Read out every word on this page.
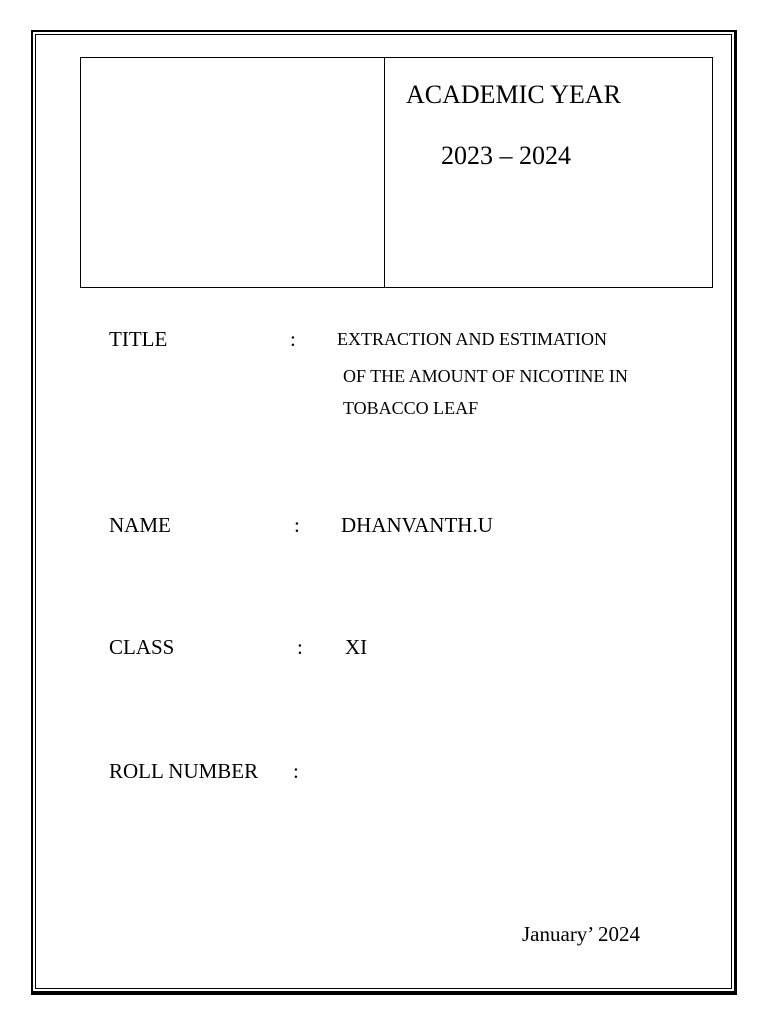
ACADEMIC YEAR
2023 – 2024
TITLE	: EXTRACTION AND ESTIMATION
OF THE AMOUNT OF NICOTINE IN
TOBACCO LEAF
NAME	: DHANVANTH.U
CLASS	: XI
ROLL NUMBER :
January’ 2024
